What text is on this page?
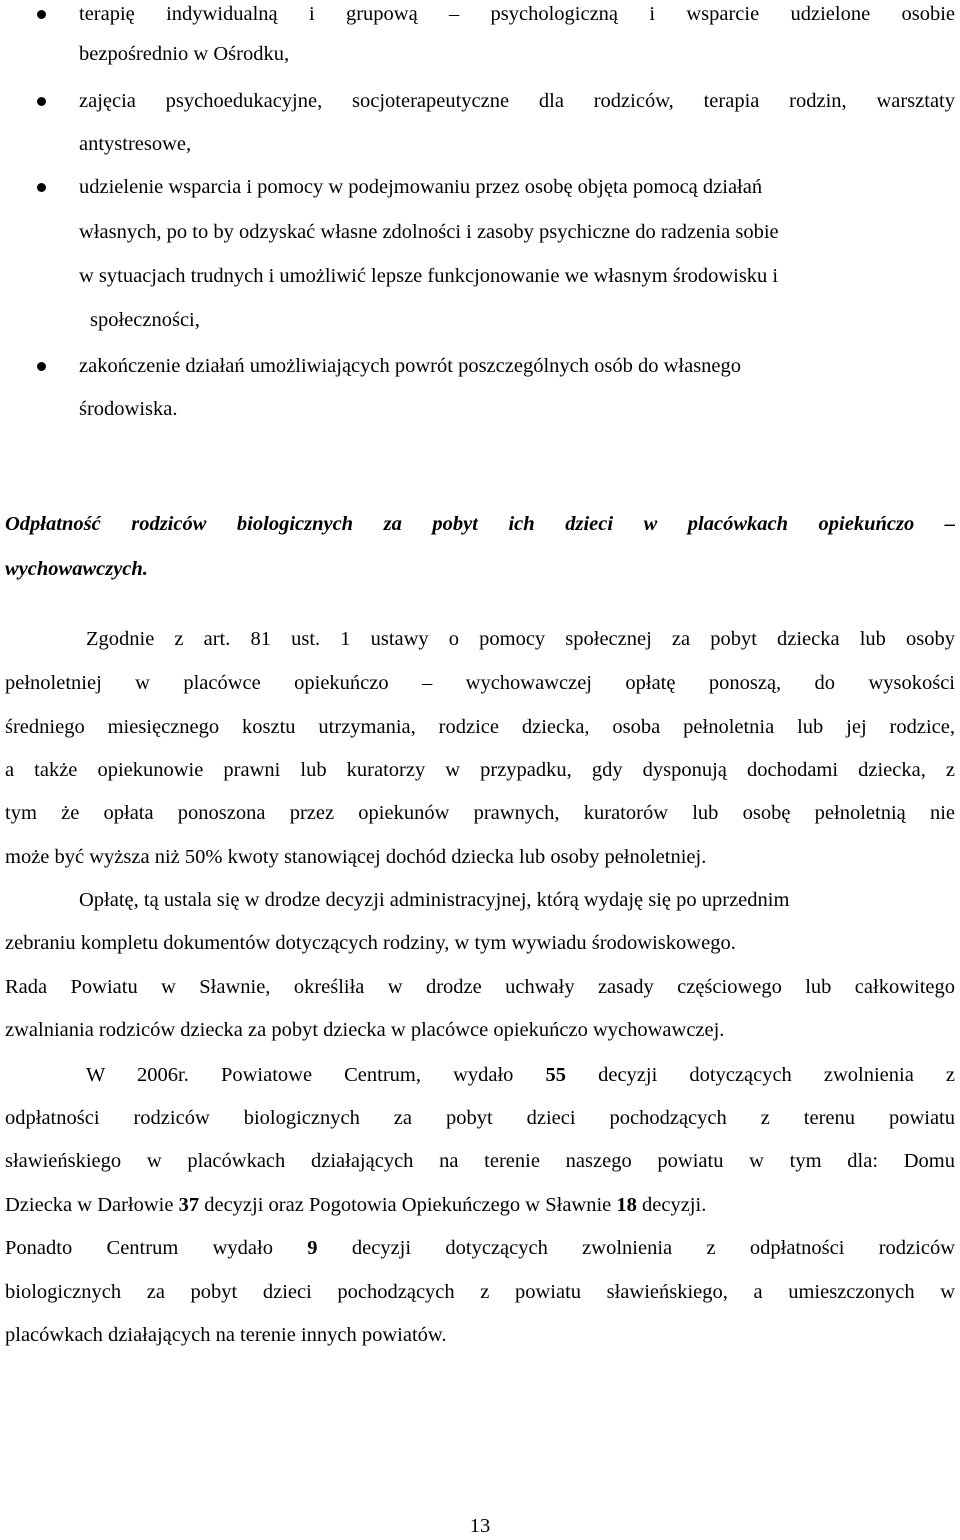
terapię indywidualną i grupową – psychologiczną i wsparcie udzielone osobie

bezpośrednio w Ośrodku,

zajęcia psychoedukacyjne, socjoterapeutyczne dla rodziców, terapia rodzin, warsztaty

antystresowe,

udzielenie wsparcia i pomocy w podejmowaniu przez osobę objęta pomocą działań

własnych, po to by odzyskać własne zdolności i zasoby psychiczne do radzenia sobie

w sytuacjach trudnych i umożliwić lepsze funkcjonowanie we własnym środowisku i

społeczności,

zakończenie działań umożliwiających powrót poszczególnych osób do własnego

środowiska.

Odpłatność rodziców biologicznych za pobyt ich dzieci w placówkach opiekuńczo –

wychowawczych.

Zgodnie z art. 81 ust. 1 ustawy o pomocy społecznej za pobyt dziecka lub osoby

pełnoletniej w placówce opiekuńczo – wychowawczej opłatę ponoszą, do wysokości

średniego miesięcznego kosztu utrzymania, rodzice dziecka, osoba pełnoletnia lub jej rodzice,

a także opiekunowie prawni lub kuratorzy w przypadku, gdy dysponują dochodami dziecka, z

tym że opłata ponoszona przez opiekunów prawnych, kuratorów lub osobę pełnoletnią nie

może być wyższa niż 50% kwoty stanowiącej dochód dziecka lub osoby pełnoletniej.

Opłatę, tą ustala się w drodze decyzji administracyjnej, którą wydaję się po uprzednim

zebraniu kompletu dokumentów dotyczących rodziny, w tym wywiadu środowiskowego.

Rada Powiatu w Sławnie, określiła w drodze uchwały zasady częściowego lub całkowitego

zwalniania rodziców dziecka za pobyt dziecka w placówce opiekuńczo wychowawczej.

W 2006r. Powiatowe Centrum, wydało 55 decyzji dotyczących zwolnienia z

odpłatności rodziców biologicznych za pobyt dzieci pochodzących z terenu powiatu

sławieńskiego w placówkach działających na terenie naszego powiatu w tym dla: Domu

Dziecka w Darłowie 37 decyzji oraz Pogotowia Opiekuńczego w Sławnie 18 decyzji.

Ponadto Centrum wydało 9 decyzji dotyczących zwolnienia z odpłatności rodziców

biologicznych za pobyt dzieci pochodzących z powiatu sławieńskiego, a umieszczonych w

placówkach działających na terenie innych powiatów.

13
